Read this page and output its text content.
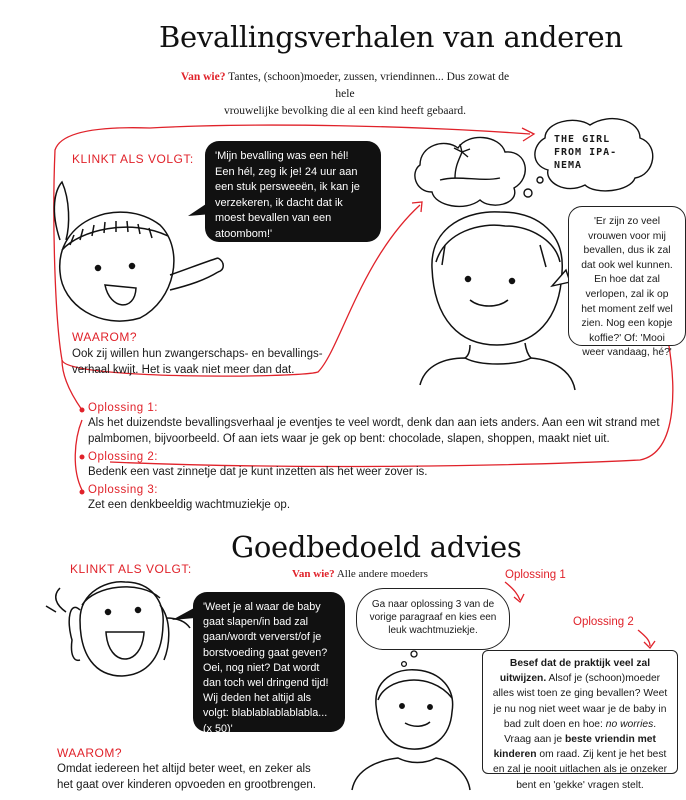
Bevallingsverhalen van anderen
Van wie? Tantes, (schoon)moeder, zussen, vriendinnen... Dus zowat de hele
vrouwelijke bevolking die al een kind heeft gebaard.
KLINKT ALS VOLGT:	'Mijn bevalling was een hél! Een hél, zeg ik je! 24 uur aan een stuk persweeën, ik kan je verzekeren, ik dacht dat ik moest bevallen van een atoombom!'
THE GIRL FROM IPA- NEMA
'Er zijn zo veel vrouwen voor mij bevallen, dus ik zal dat ook wel kunnen. En hoe dat zal verlopen, zal ik op het moment zelf wel zien. Nog een kopje koffie?' Of: 'Mooi weer vandaag, hé?'
WAAROM?
Ook zij willen hun zwangerschaps- en bevallings- verhaal kwijt. Het is vaak niet meer dan dat.
Oplossing 1:
Als het duizendste bevallingsverhaal je eventjes te veel wordt, denk dan aan iets anders. Aan een wit strand met palmbomen, bijvoorbeeld. Of aan iets waar je gek op bent: chocolade, slapen, shoppen, maakt niet uit.
Oplossing 2:
Bedenk een vast zinnetje dat je kunt inzetten als het weer zover is.
Oplossing 3:
Zet een denkbeeldig wachtmuziekje op.
Goedbedoeld advies
Van wie? Alle andere moeders
KLINKT ALS VOLGT:
'Weet je al waar de baby gaat slapen/in bad zal gaan/wordt ververst/of je borstvoeding gaat geven? Oei, nog niet? Dat wordt dan toch wel dringend tijd! Wij deden het altijd als volgt: blablablablablabla... (x 50)'
Oplossing 1
Ga naar oplossing 3 van de vorige paragraaf en kies een leuk wachtmuziekje.
Oplossing 2
Besef dat de praktijk veel zal uitwijzen. Alsof je (schoon)moeder alles wist toen ze ging bevallen? Weet je nu nog niet weet waar je de baby in bad zult doen en hoe: no worries. Vraag aan je beste vriendin met kinderen om raad. Zij kent je het best en zal je nooit uitlachen als je onzeker bent en 'gekke' vragen stelt.
WAAROM?
Omdat iedereen het altijd beter weet, en zeker als het gaat over kinderen opvoeden en grootbrengen.
